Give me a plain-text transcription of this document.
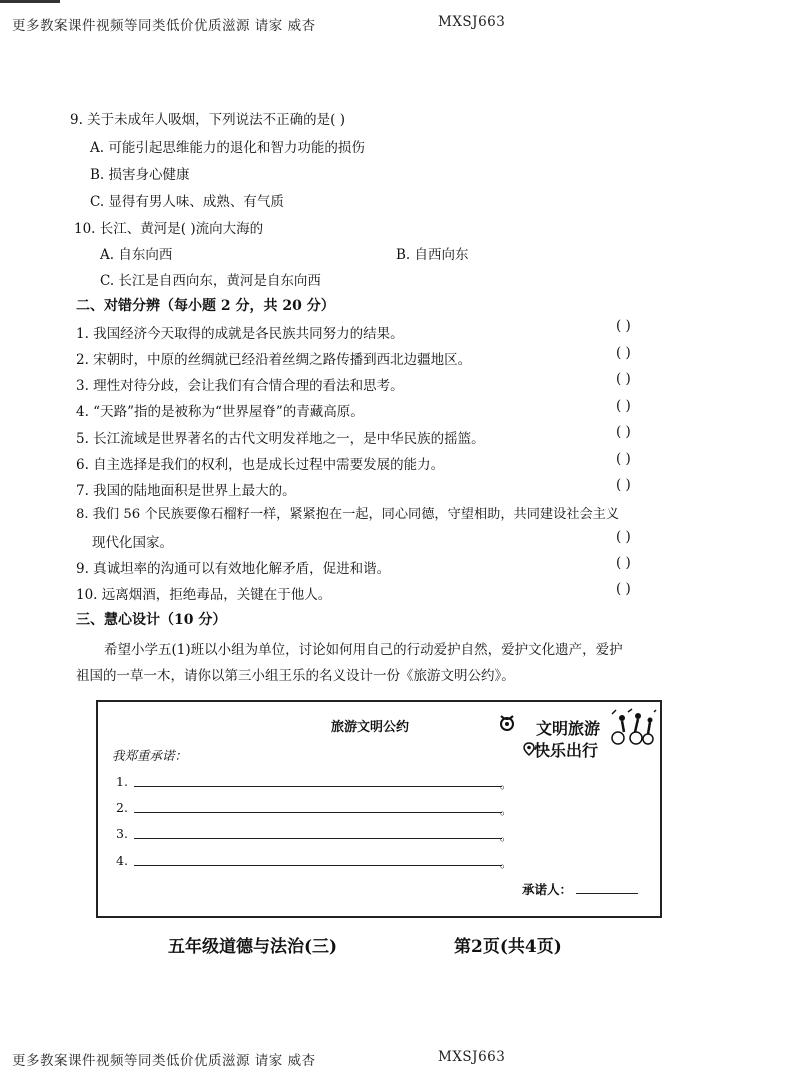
更多教案课件视频等同类低价优质滋源 请家 威杏	MXSJ663
9. 关于未成年人吸烟，下列说法不正确的是( )
A. 可能引起思维能力的退化和智力功能的损伤
B. 损害身心健康
C. 显得有男人味、成熟、有气质
10. 长江、黄河是( )流向大海的
A. 自东向西	B. 自西向东
C. 长江是自西向东，黄河是自东向西
二、对错分辨（每小题 2 分，共 20 分）
1. 我国经济今天取得的成就是各民族共同努力的结果。	( )
2. 宋朝时，中原的丝绸就已经沿着丝绸之路传播到西北边疆地区。	( )
3. 理性对待分歧，会让我们有合情合理的看法和思考。	( )
4. “天路”指的是被称为“世界屋脊”的青藏高原。	( )
5. 长江流域是世界著名的古代文明发祥地之一，是中华民族的摇篮。	( )
6. 自主选择是我们的权利，也是成长过程中需要发展的能力。	( )
7. 我国的陆地面积是世界上最大的。	( )
8. 我们 56 个民族要像石榴籽一样，紧紧抱在一起，同心同德，守望相助，共同建设社会主义
现代化国家。	( )
9. 真诚坦率的沟通可以有效地化解矛盾，促进和谐。	( )
10. 远离烟酒，拒绝毒品，关键在于他人。	( )
三、慧心设计（10 分）
希望小学五(1)班以小组为单位，讨论如何用自己的行动爱护自然，爱护文化遗产，爱护
祖国的一草一木，请你以第三小组王乐的名义设计一份《旅游文明公约》。
旅游文明公约
我郑重承诺：
1.	。
2.	。
3.	。
4.	。
承诺人：
文明旅游
快乐出行
五年级道德与法治(三)	第2页(共4页)
更多教案课件视频等同类低价优质滋源 请家 威杏	MXSJ663
